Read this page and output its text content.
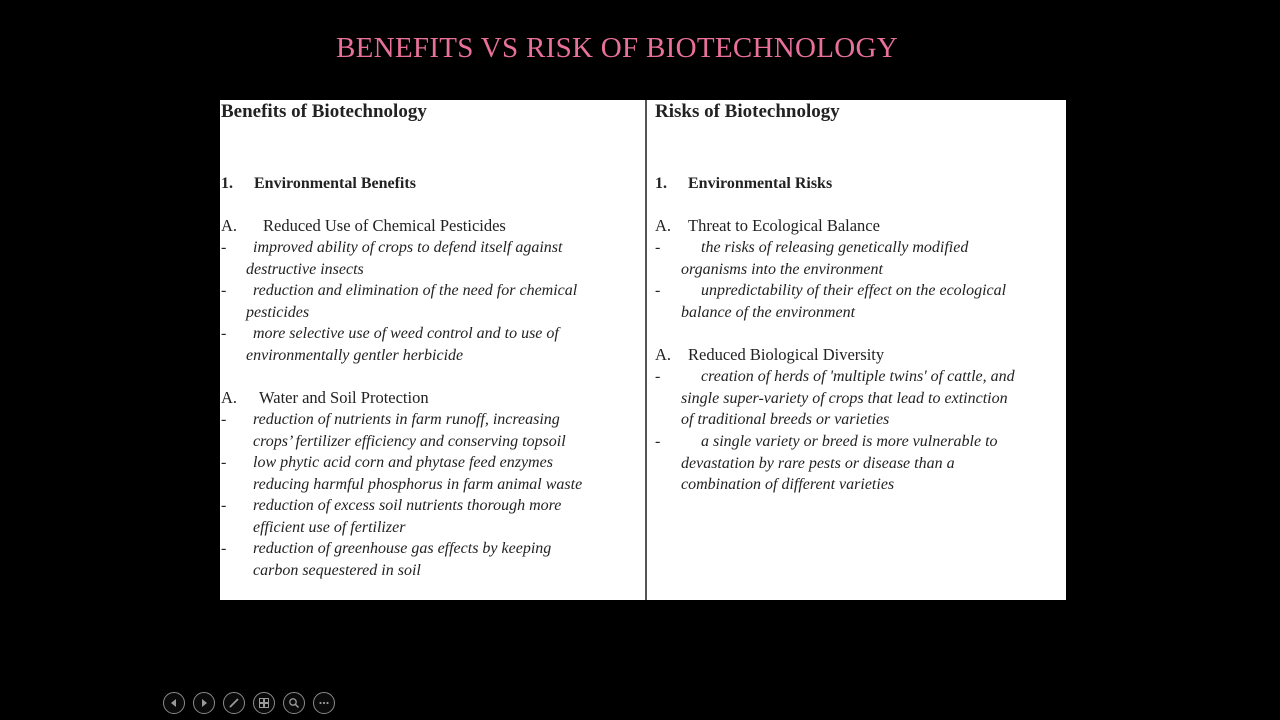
BENEFITS VS RISK OF BIOTECHNOLOGY
Benefits of Biotechnology
1. Environmental Benefits
A. Reduced Use of Chemical Pesticides
- improved ability of crops to defend itself against
destructive insects
- reduction and elimination of the need for chemical
pesticides
- more selective use of weed control and to use of
environmentally gentler herbicide
A. Water and Soil Protection
- reduction of nutrients in farm runoff, increasing
crops’ fertilizer efficiency and conserving topsoil
- low phytic acid corn and phytase feed enzymes
reducing harmful phosphorus in farm animal waste
- reduction of excess soil nutrients thorough more
efficient use of fertilizer
- reduction of greenhouse gas effects by keeping
carbon sequestered in soil
Risks of Biotechnology
1. Environmental Risks
A. Threat to Ecological Balance
-	the risks of releasing genetically modified
organisms into the environment
-	unpredictability of their effect on the ecological
balance of the environment
A. Reduced Biological Diversity
-	creation of herds of 'multiple twins' of cattle, and
single super-variety of crops that lead to extinction
of traditional breeds or varieties
-	a single variety or breed is more vulnerable to
devastation by rare pests or disease than a
combination of different varieties
